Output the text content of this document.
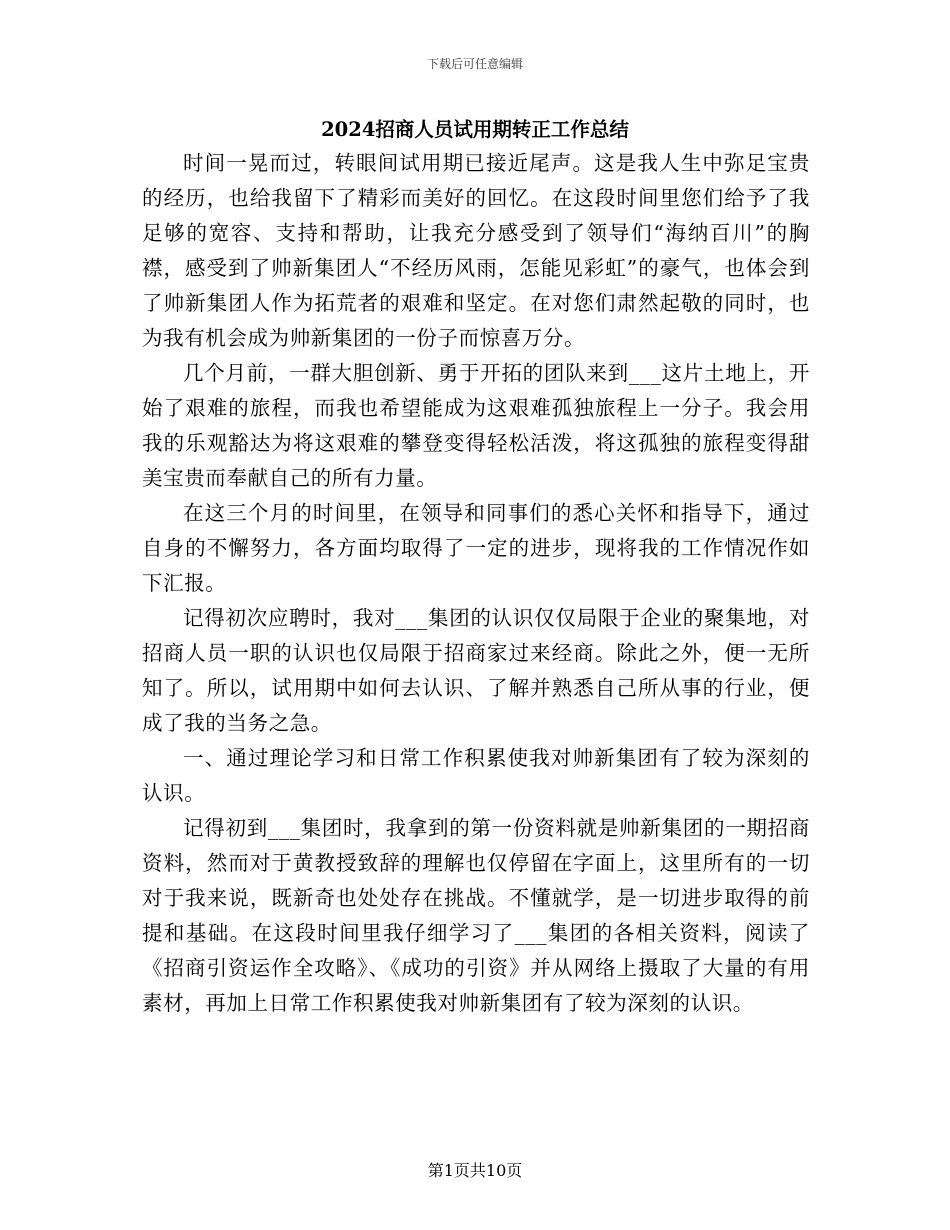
下载后可任意编辑
2024招商人员试用期转正工作总结

时间一晃而过，转眼间试用期已接近尾声。这是我人生中弥足宝贵的经历，也给我留下了精彩而美好的回忆。在这段时间里您们给予了我足够的宽容、支持和帮助，让我充分感受到了领导们“海纳百川”的胸襟，感受到了帅新集团人“不经历风雨，怎能见彩虹”的豪气，也体会到了帅新集团人作为拓荒者的艰难和坚定。在对您们肃然起敬的同时，也为我有机会成为帅新集团的一份子而惊喜万分。

几个月前，一群大胆创新、勇于开拓的团队来到___这片土地上，开始了艰难的旅程，而我也希望能成为这艰难孤独旅程上一分子。我会用我的乐观豁达为将这艰难的攀登变得轻松活泼，将这孤独的旅程变得甜美宝贵而奉献自己的所有力量。

在这三个月的时间里，在领导和同事们的悉心关怀和指导下，通过自身的不懈努力，各方面均取得了一定的进步，现将我的工作情况作如下汇报。

记得初次应聘时，我对___集团的认识仅仅局限于企业的聚集地，对招商人员一职的认识也仅局限于招商家过来经商。除此之外，便一无所知了。所以，试用期中如何去认识、了解并熟悉自己所从事的行业，便成了我的当务之急。

一、通过理论学习和日常工作积累使我对帅新集团有了较为深刻的认识。

记得初到___集团时，我拿到的第一份资料就是帅新集团的一期招商资料，然而对于黄教授致辞的理解也仅停留在字面上，这里所有的一切对于我来说，既新奇也处处存在挑战。不懂就学，是一切进步取得的前提和基础。在这段时间里我仔细学习了___集团的各相关资料，阅读了《招商引资运作全攻略》、《成功的引资》并从网络上摄取了大量的有用素材，再加上日常工作积累使我对帅新集团有了较为深刻的认识。

第1页共10页
